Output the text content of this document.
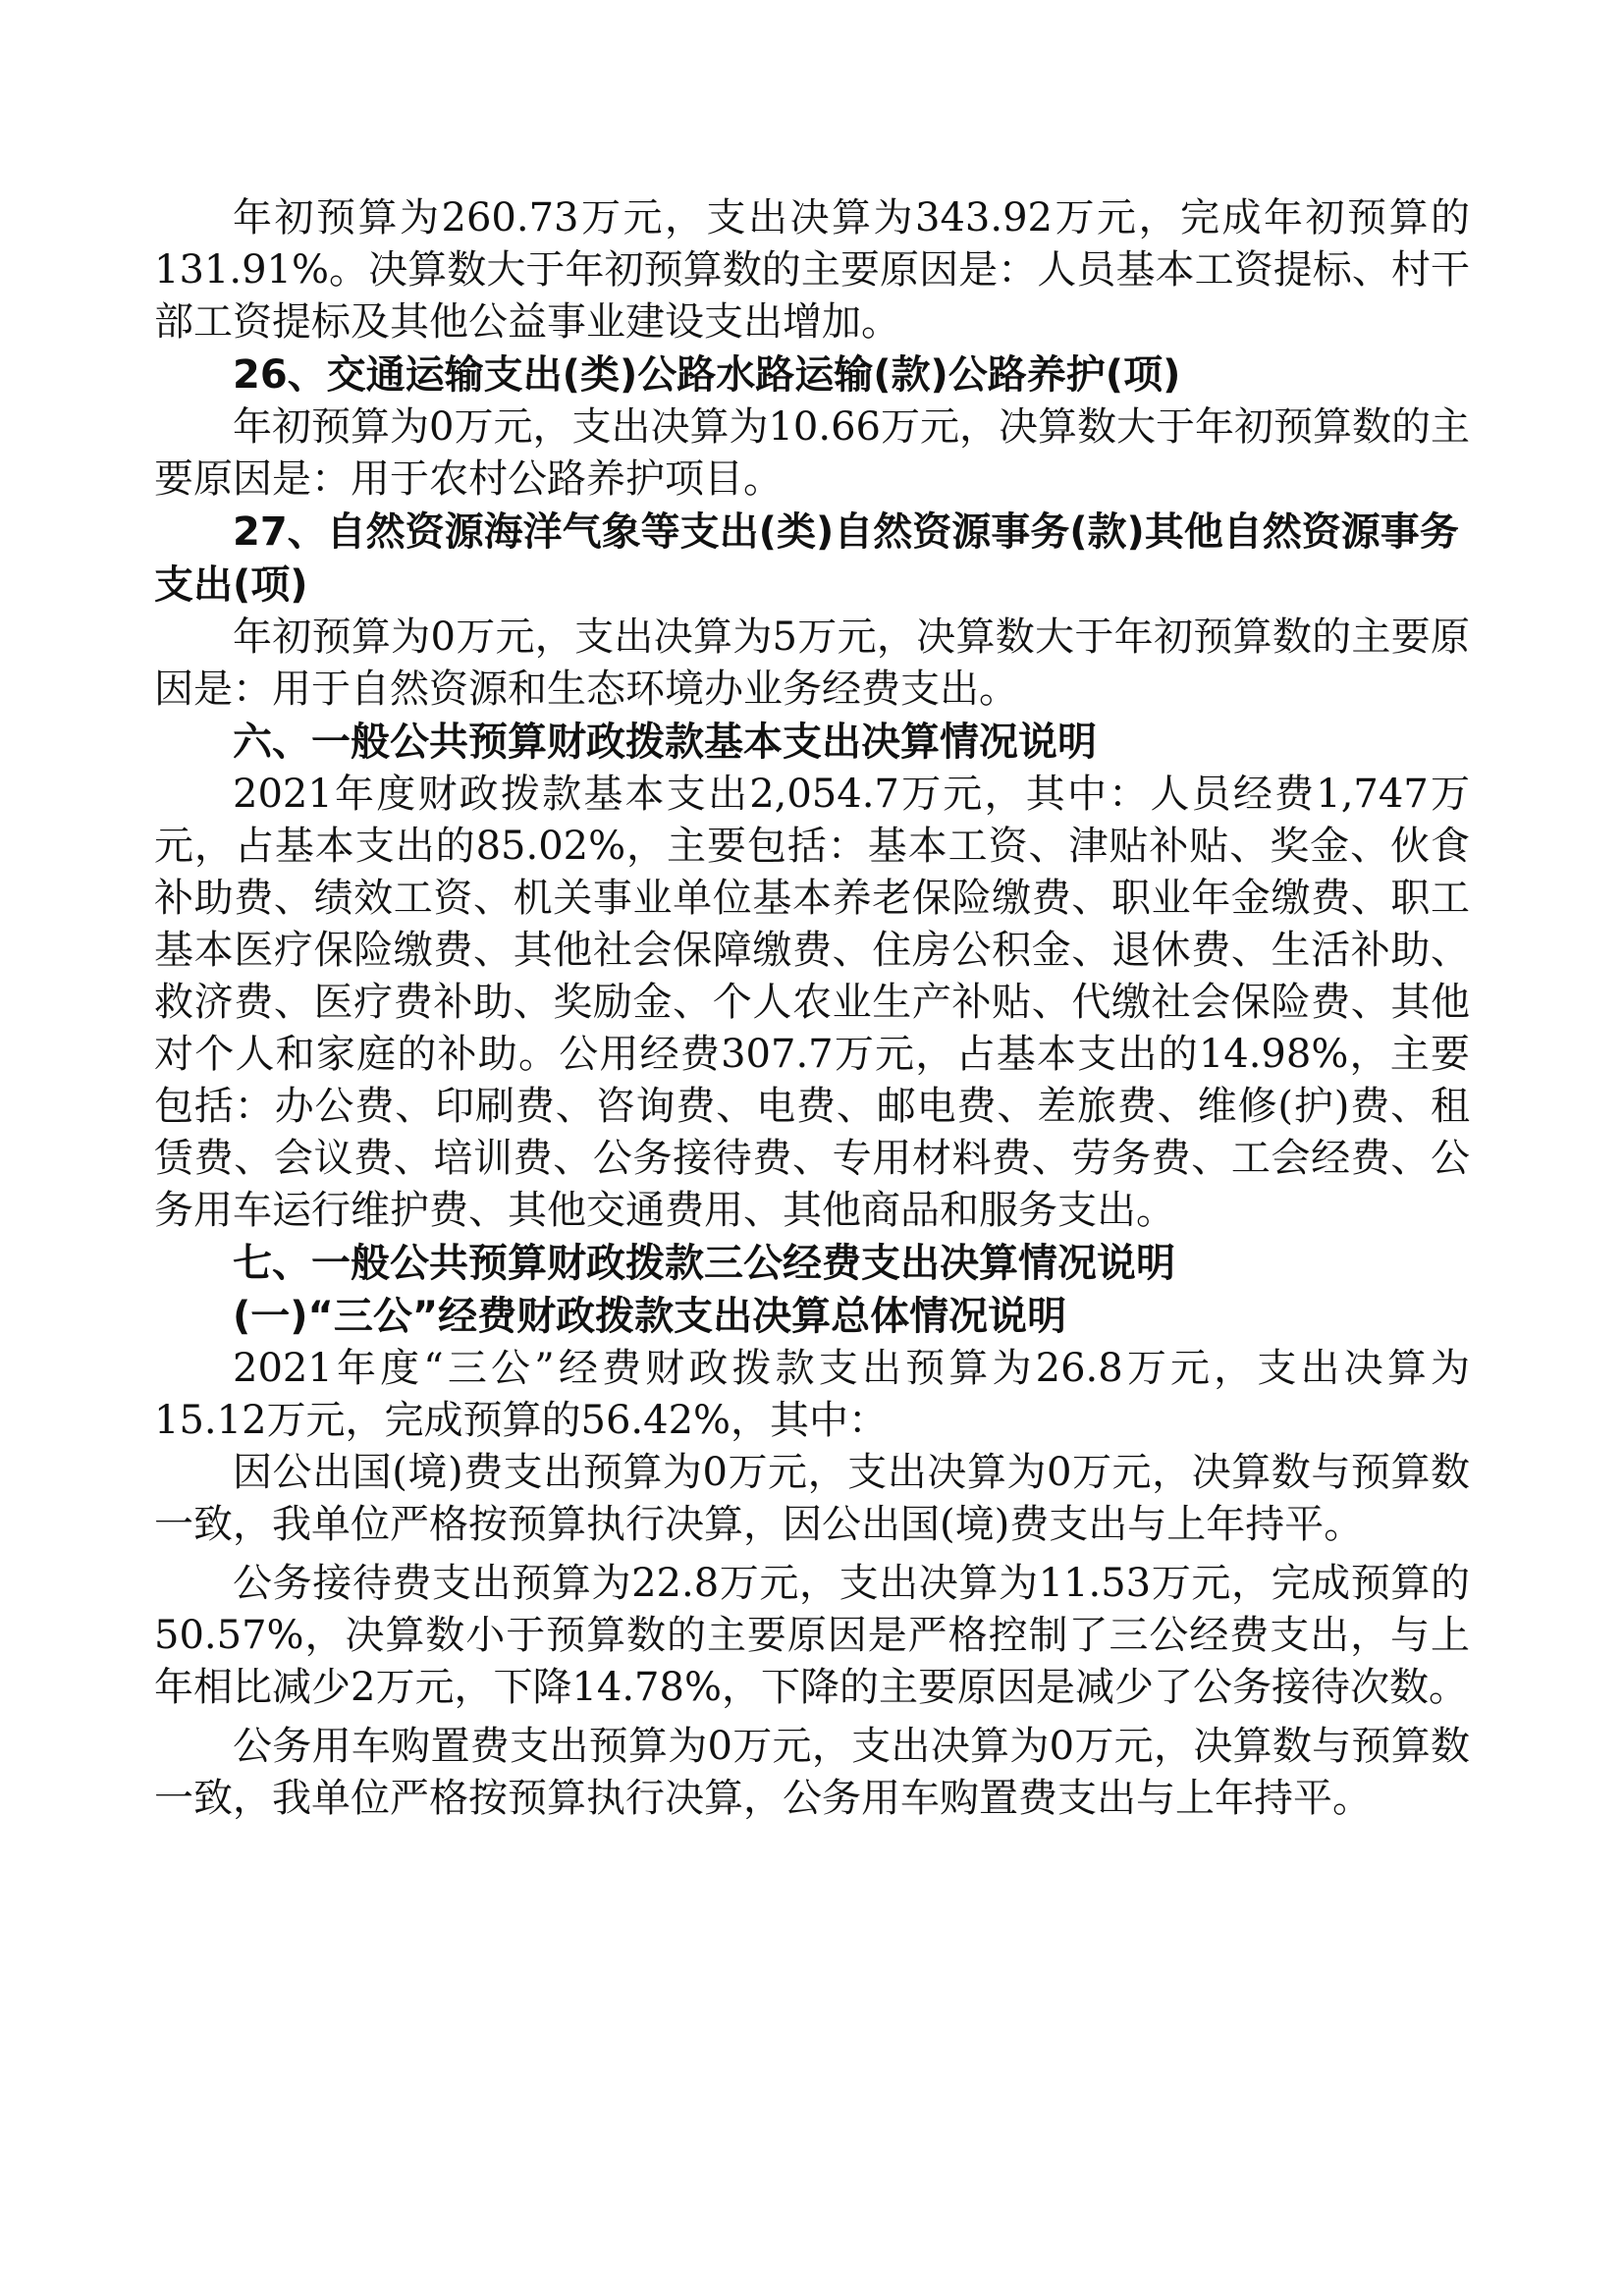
年初预算为260.73万元，支出决算为343.92万元，完成年初预算的131.91%。决算数大于年初预算数的主要原因是：人员基本工资提标、村干部工资提标及其他公益事业建设支出增加。

26、交通运输支出(类)公路水路运输(款)公路养护(项)

年初预算为0万元，支出决算为10.66万元，决算数大于年初预算数的主要原因是：用于农村公路养护项目。

27、自然资源海洋气象等支出(类)自然资源事务(款)其他自然资源事务支出(项)

年初预算为0万元，支出决算为5万元，决算数大于年初预算数的主要原因是：用于自然资源和生态环境办业务经费支出。

六、一般公共预算财政拨款基本支出决算情况说明

2021年度财政拨款基本支出2,054.7万元，其中：人员经费1,747万元，占基本支出的85.02%，主要包括：基本工资、津贴补贴、奖金、伙食补助费、绩效工资、机关事业单位基本养老保险缴费、职业年金缴费、职工基本医疗保险缴费、其他社会保障缴费、住房公积金、退休费、生活补助、救济费、医疗费补助、奖励金、个人农业生产补贴、代缴社会保险费、其他对个人和家庭的补助。公用经费307.7万元，占基本支出的14.98%，主要包括：办公费、印刷费、咨询费、电费、邮电费、差旅费、维修(护)费、租赁费、会议费、培训费、公务接待费、专用材料费、劳务费、工会经费、公务用车运行维护费、其他交通费用、其他商品和服务支出。

七、一般公共预算财政拨款三公经费支出决算情况说明

(一)“三公”经费财政拨款支出决算总体情况说明

2021年度“三公”经费财政拨款支出预算为26.8万元，支出决算为15.12万元，完成预算的56.42%，其中：

因公出国(境)费支出预算为0万元，支出决算为0万元，决算数与预算数一致，我单位严格按预算执行决算，因公出国(境)费支出与上年持平。

公务接待费支出预算为22.8万元，支出决算为11.53万元，完成预算的50.57%，决算数小于预算数的主要原因是严格控制了三公经费支出，与上年相比减少2万元，下降14.78%，下降的主要原因是减少了公务接待次数。

公务用车购置费支出预算为0万元，支出决算为0万元，决算数与预算数一致，我单位严格按预算执行决算，公务用车购置费支出与上年持平。
